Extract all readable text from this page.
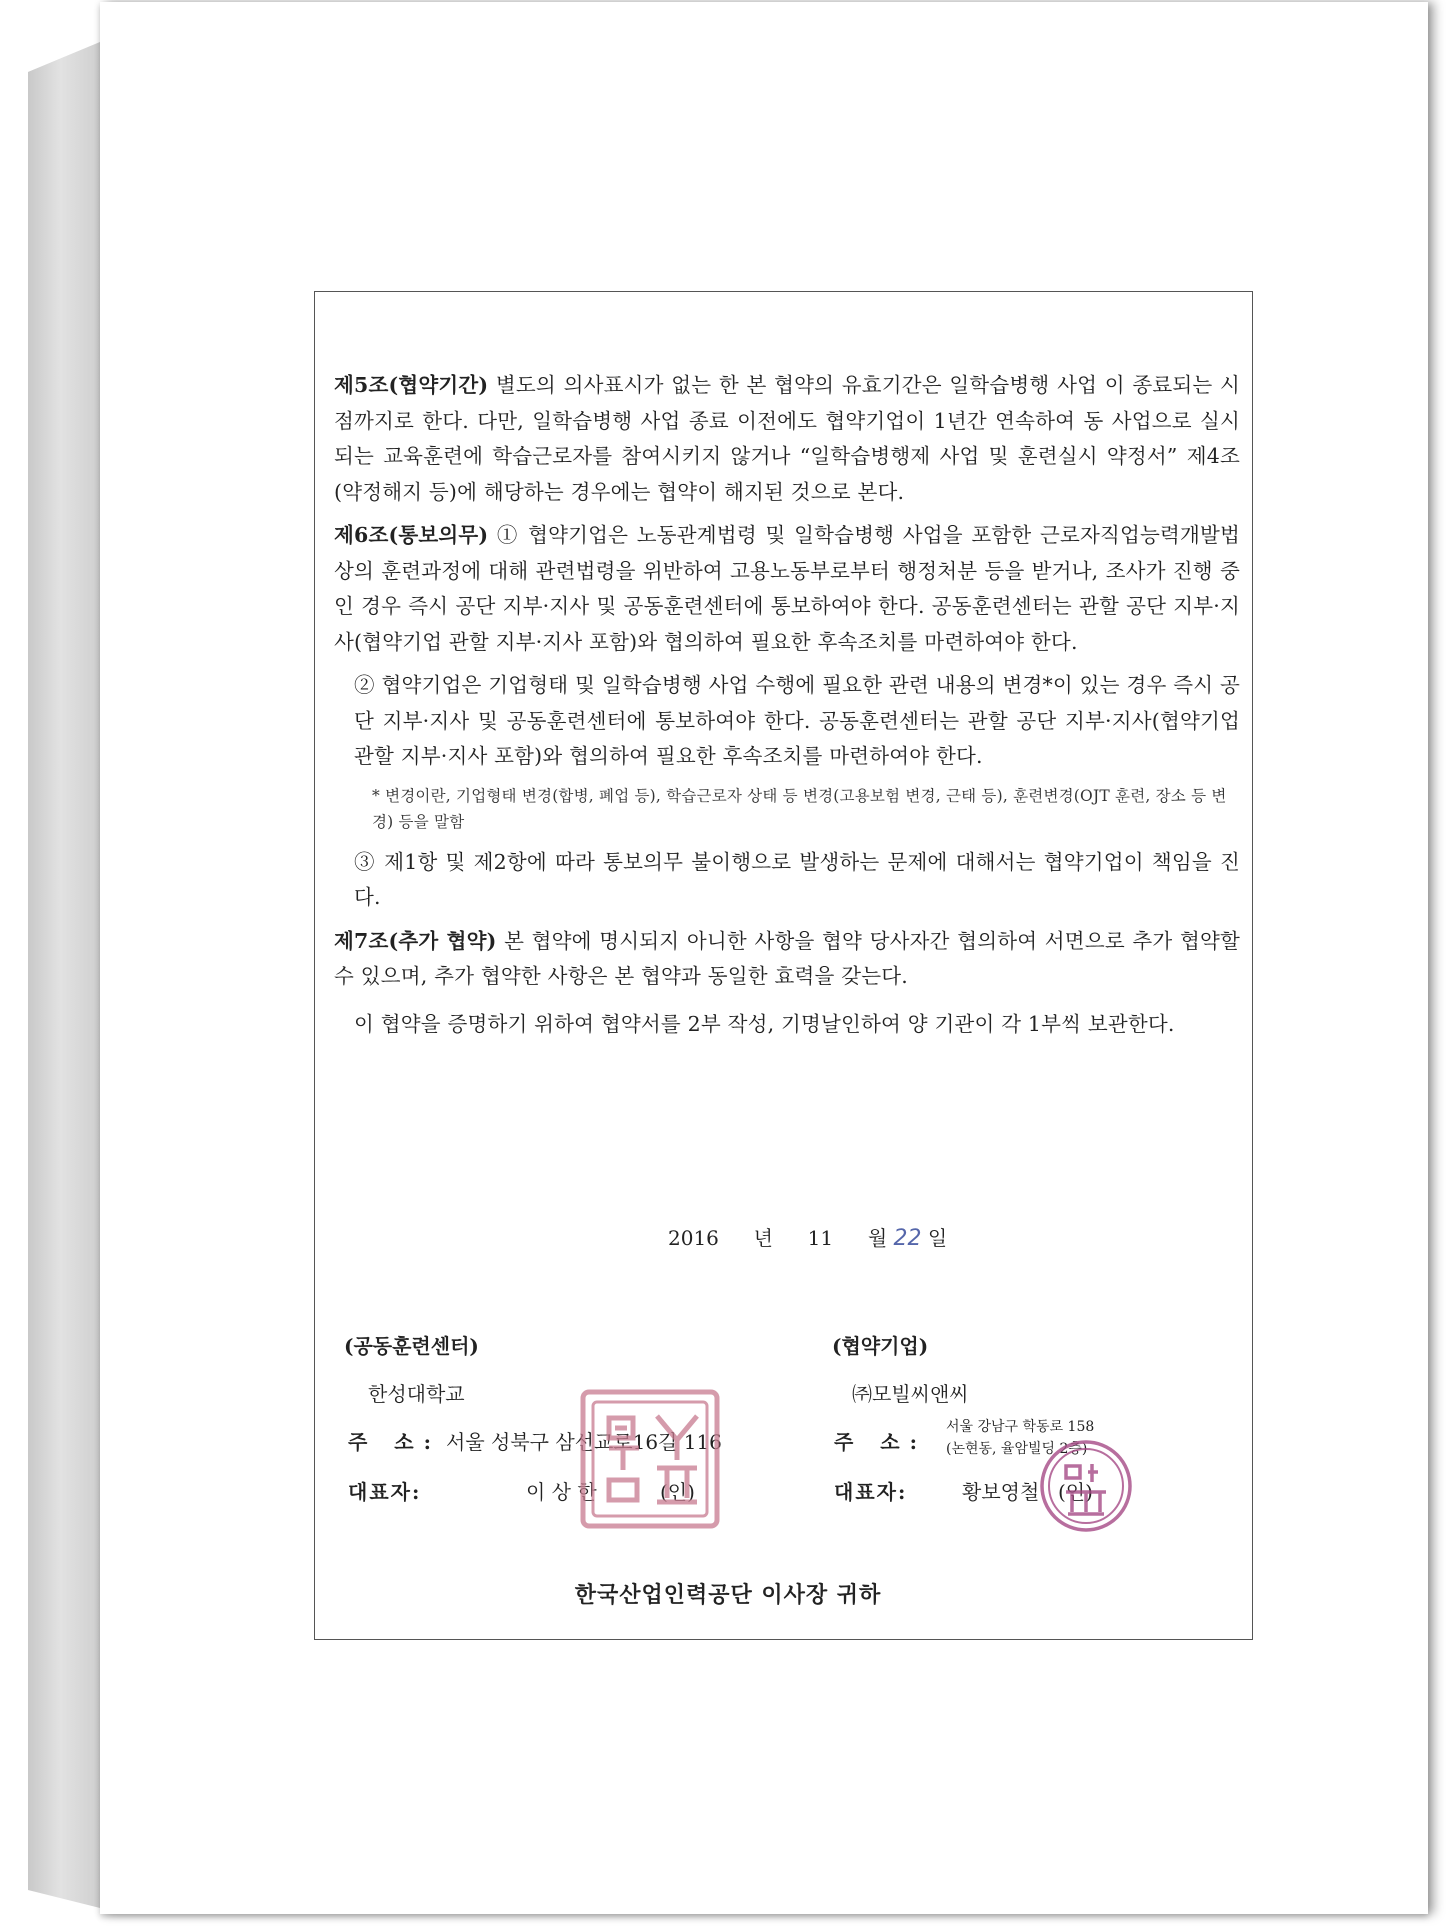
제5조(협약기간) 별도의 의사표시가 없는 한 본 협약의 유효기간은 일학습병행 사업 이 종료되는 시점까지로 한다. 다만, 일학습병행 사업 종료 이전에도 협약기업이 1년간 연속하여 동 사업으로 실시되는 교육훈련에 학습근로자를 참여시키지 않거나 “일학습병행제 사업 및 훈련실시 약정서” 제4조(약정해지 등)에 해당하는 경우에는 협약이 해지된 것으로 본다.
제6조(통보의무) ① 협약기업은 노동관계법령 및 일학습병행 사업을 포함한 근로자직업능력개발법 상의 훈련과정에 대해 관련법령을 위반하여 고용노동부로부터 행정처분 등을 받거나, 조사가 진행 중인 경우 즉시 공단 지부·지사 및 공동훈련센터에 통보하여야 한다. 공동훈련센터는 관할 공단 지부·지사(협약기업 관할 지부·지사 포함)와 협의하여 필요한 후속조치를 마련하여야 한다.
② 협약기업은 기업형태 및 일학습병행 사업 수행에 필요한 관련 내용의 변경*이 있는 경우 즉시 공단 지부·지사 및 공동훈련센터에 통보하여야 한다. 공동훈련센터는 관할 공단 지부·지사(협약기업 관할 지부·지사 포함)와 협의하여 필요한 후속조치를 마련하여야 한다.
* 변경이란, 기업형태 변경(합병, 폐업 등), 학습근로자 상태 등 변경(고용보험 변경, 근태 등), 훈련변경(OJT 훈련, 장소 등 변경) 등을 말함
③ 제1항 및 제2항에 따라 통보의무 불이행으로 발생하는 문제에 대해서는 협약기업이 책임을 진다.
제7조(추가 협약) 본 협약에 명시되지 아니한 사항을 협약 당사자간 협의하여 서면으로 추가 협약할 수 있으며, 추가 협약한 사항은 본 협약과 동일한 효력을 갖는다.
이 협약을 증명하기 위하여 협약서를 2부 작성, 기명날인하여 양 기관이 각 1부씩 보관한다.
2016 년 11 월 22 일
(공동훈련센터)
한성대학교
주 소: 서울 성북구 삼선교로16길 116
대표자:	이 상 한	(인)
(협약기업)
㈜모빌씨앤씨
주 소:
서울 강남구 학동로 158
(논현동, 율암빌딩 2층)
대표자:	황보영철 (인)
한국산업인력공단 이사장 귀하
